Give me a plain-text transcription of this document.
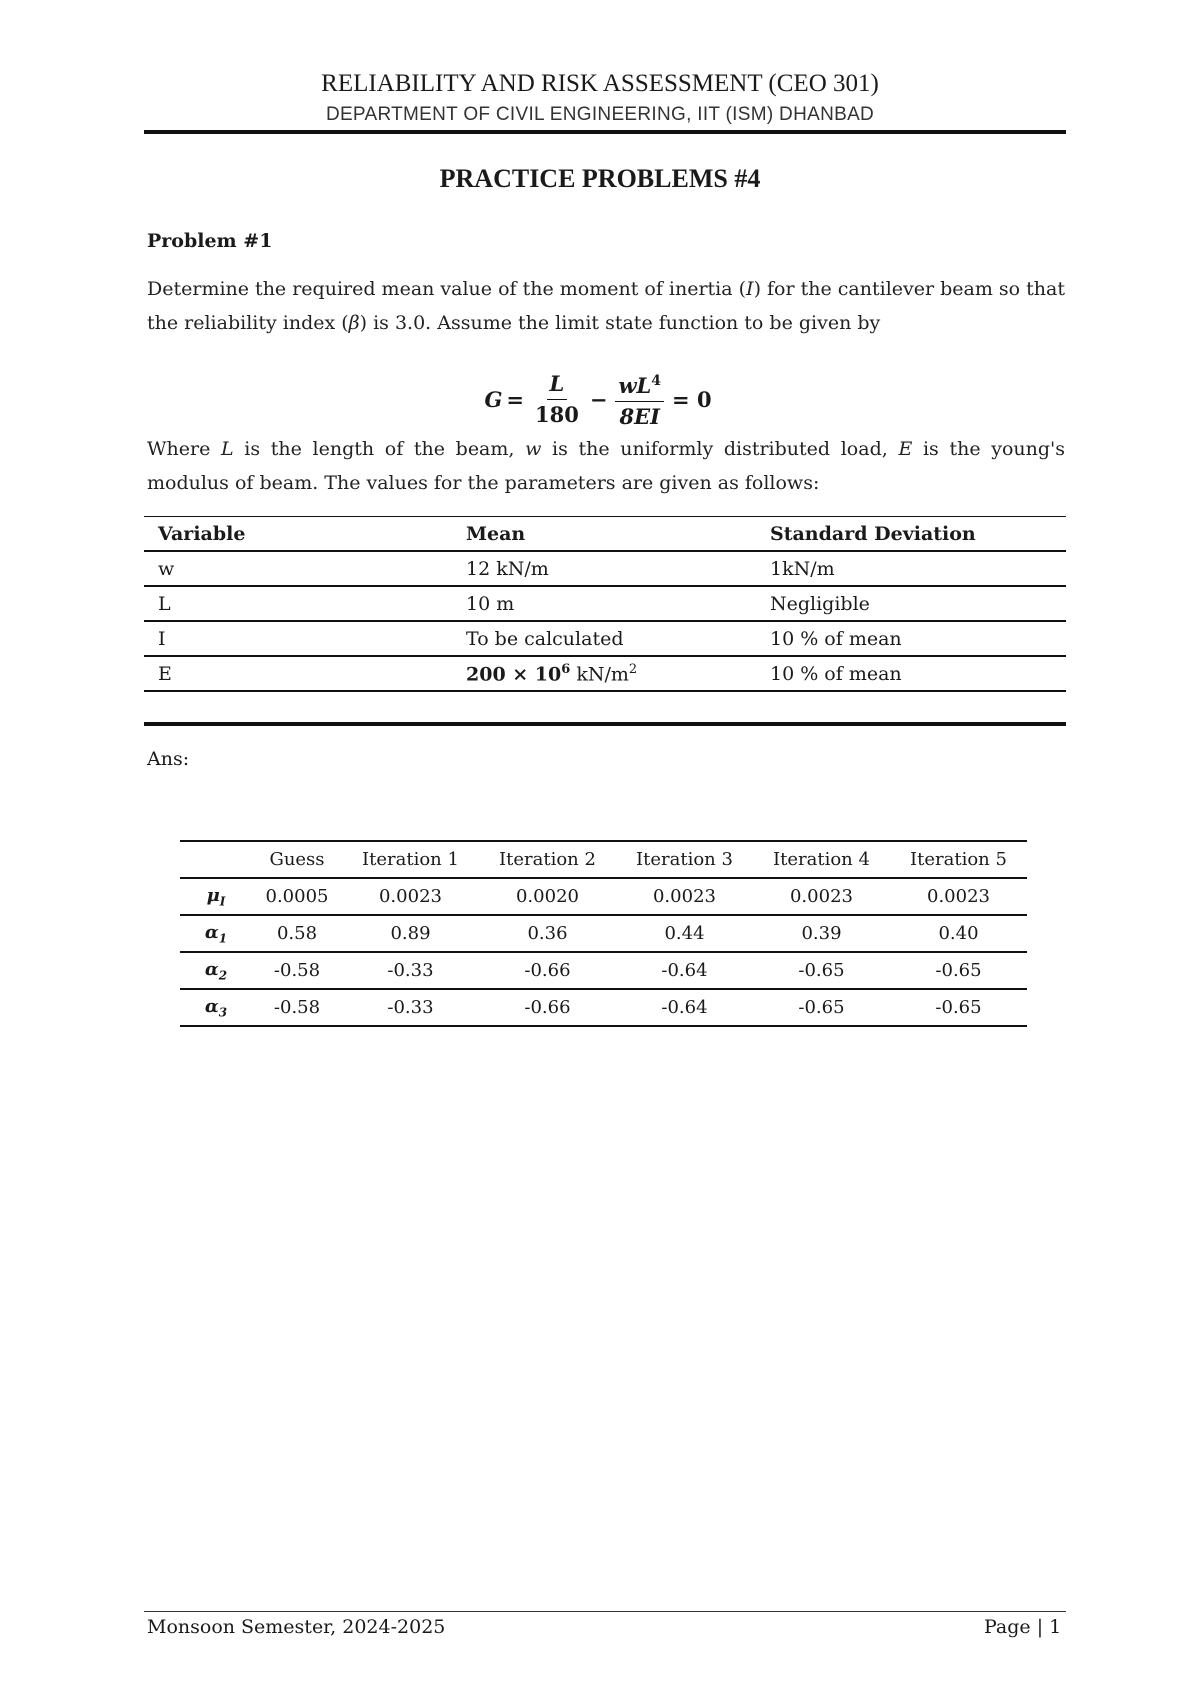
RELIABILITY AND RISK ASSESSMENT (CEO 301)
DEPARTMENT OF CIVIL ENGINEERING, IIT (ISM) DHANBAD
PRACTICE PROBLEMS #4
Problem #1
Determine the required mean value of the moment of inertia (I) for the cantilever beam so that the reliability index (β) is 3.0. Assume the limit state function to be given by
$G = \frac{L}{180} - \frac{wL^4}{8EI} = 0$
Where L is the length of the beam, w is the uniformly distributed load, E is the young's modulus of beam. The values for the parameters are given as follows:
Variable	Mean	Standard Deviation
w	12 kN/m	1kN/m
L	10 m	Negligible
I	To be calculated	10 % of mean
E	$200 \times 10^6$ $kN/m^2$	10 % of mean
Ans:
	Guess	Iteration 1	Iteration 2	Iteration 3	Iteration 4	Iteration 5
$\mu_I$	0.0005	0.0023	0.0020	0.0023	0.0023	0.0023
$\alpha_1$	0.58	0.89	0.36	0.44	0.39	0.40
$\alpha_2$	-0.58	-0.33	-0.66	-0.64	-0.65	-0.65
$\alpha_3$	-0.58	-0.33	-0.66	-0.64	-0.65	-0.65
Monsoon Semester, 2024-2025	Page | 1
